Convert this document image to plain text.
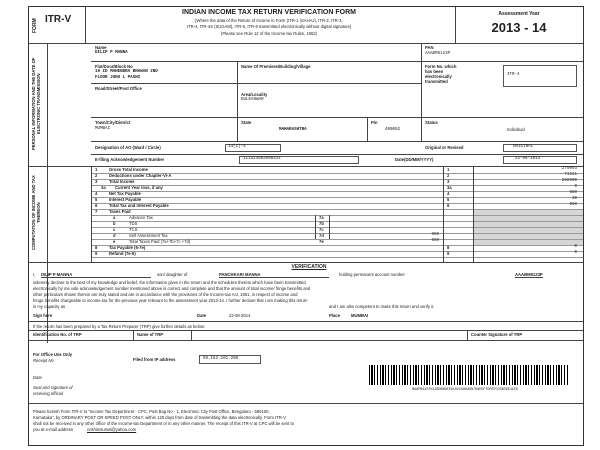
FORM ITR-V
INDIAN INCOME TAX RETURN VERIFICATION FORM
[Where the data of the Return of Income in Form (ITR-1 (SAHAJ), ITR-2, ITR-3,
ITR-4, ITR-4S (SUGAM), ITR-5, ITR-6 transmitted electronically without digital signature]
(Please see Rule 12 of the Income-tax Rules, 1962)
Assessment Year
2013 - 14
PERSONAL INFORMATION AND THE DATE OF ELECTRONIC TRANSMISSION
Name
DILIP P MANNA
PAN
AAABM5123P
Flat/Door/Block No
19 ID MAHENDRA BHAWAN 2ND
FLOOR JUHU L PASHI
Name Of Premises/Building/Village	Form No. which
has been
electronically
transmitted
ITR-4
Road/Street/Post Office
Area/Locality
DULESHWAR
Town/City/District
MUMBAI
State
MAHARASHTRA
Pin
400002
Status
Individual
Designation of AO (Ward / Circle)	14(1)-4	Original or Revised	ORIGINAL
E-filing Acknowledgement Number	111524502008314	Date(DD/MM/YYYY)	22-08-2014
COMPUTATION OF INCOME AND TAX THEREON
1	Gross Total Income	1	279993
2	Deductions under Chapter-VI-A	2	71511
3	Total Income	3	208900
3a Current Year loss, if any	3a	0
4	Net Tax Payable	4	650
5	Interest Payable	5	30
6	Total Tax and Interest Payable	6	650
7	Taxes Paid
a	Advance Tax	7a
b	TDS	7b
c	TCS	7c
d	Self Assessment Tax	7d	650
e	Total Taxes Paid (7a+7b+7c +7d)	7e	650
8	Tax Payable (6-7e)	8	0
9	Refund (7e-6)	9	0
VERIFICATION
I, DILIP P MANNA	son/ daughter of	PANCHKARI MANNA	holding permanent account number	AAABM5123P
solemnly declare to the best of my knowledge and belief, the information given in the return and the schedules thereto which have been transmitted
electronically by me vide acknowledgement number mentioned above is correct and complete and that the amount of total income/ fringe benefits and
other particulars shown therein are truly stated and are in accordance with the provisions of the Income-tax Act, 1961, in respect of income and
fringe benefits chargeable to income-tax for the previous year relevant to the assessment year 2013-14. I further declare that I am making this return
in my capacity as	and I am also competent to make this return and verify it.
Sign here	Date	22-08-2014	Place	MUMBAI
If the return has been prepared by a Tax Return Preparer (TRP) give further details as below:
Identification No. of TRP	Name of TRP	Counter Signature of TRP
For Office Use Only
Receipt No	Filed from IP address	59.162.101.209
Date
Seal and signature of
receiving official
MAAPB3207H11BDB8DEE9102C88846N7H8EDFTDPEFCOS6DDE41ED
Please furnish Form ITR-V to "Income Tax Department - CPC, Post Bag No - 1, Electronic City Post Office, Bengaluru - 560100,
Karnataka", by ORDINARY POST OR SPEED POST ONLY, within 120 days from date of transmitting the data electronically. Form ITR-V
shall not be received in any other office of the Income-tax Department or in any other manner. The receipt of this ITR-V at CPC will be sent to
you at e-mail address	cnshimsumal@yahoo.com
